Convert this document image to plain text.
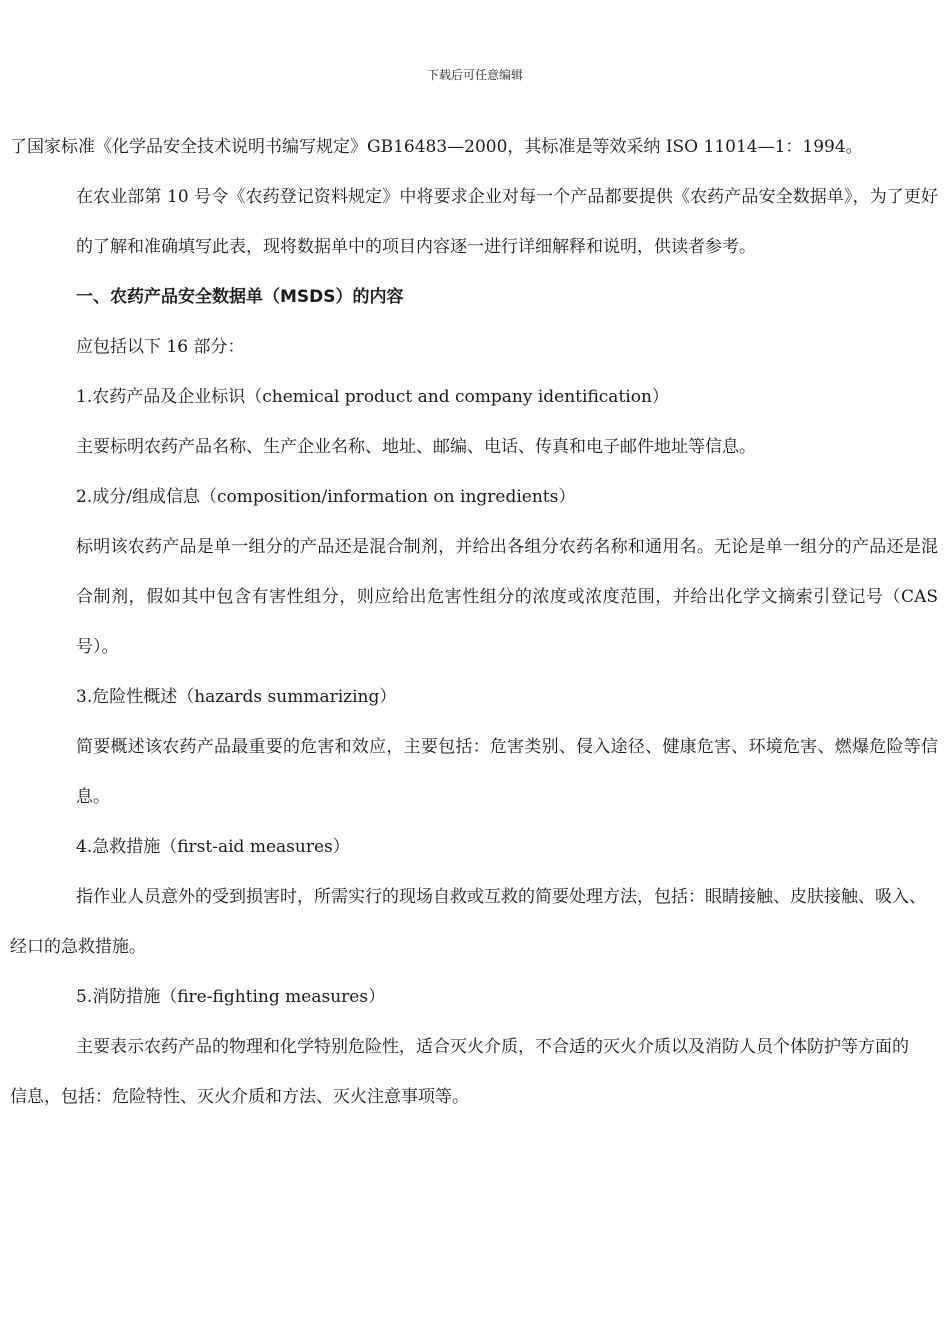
下载后可任意编辑

了国家标准《化学品安全技术说明书编写规定》GB16483—2000，其标准是等效采纳 ISO 11014—1：1994。

在农业部第 10 号令《农药登记资料规定》中将要求企业对每一个产品都要提供《农药产品安全数据单》，为了更好的了解和准确填写此表，现将数据单中的项目内容逐一进行详细解释和说明，供读者参考。

一、农药产品安全数据单（MSDS）的内容

应包括以下 16 部分：

1.农药产品及企业标识（chemical product and company identification）

主要标明农药产品名称、生产企业名称、地址、邮编、电话、传真和电子邮件地址等信息。

2.成分/组成信息（composition/information on ingredients）

标明该农药产品是单一组分的产品还是混合制剂，并给出各组分农药名称和通用名。无论是单一组分的产品还是混合制剂，假如其中包含有害性组分，则应给出危害性组分的浓度或浓度范围，并给出化学文摘索引登记号（CAS 号）。

3.危险性概述（hazards summarizing）

简要概述该农药产品最重要的危害和效应，主要包括：危害类别、侵入途径、健康危害、环境危害、燃爆危险等信息。

4.急救措施（first-aid measures）

指作业人员意外的受到损害时，所需实行的现场自救或互救的简要处理方法，包括：眼睛接触、皮肤接触、吸入、

经口的急救措施。

5.消防措施（fire-fighting measures）

主要表示农药产品的物理和化学特别危险性，适合灭火介质，不合适的灭火介质以及消防人员个体防护等方面的

信息，包括：危险特性、灭火介质和方法、灭火注意事项等。
